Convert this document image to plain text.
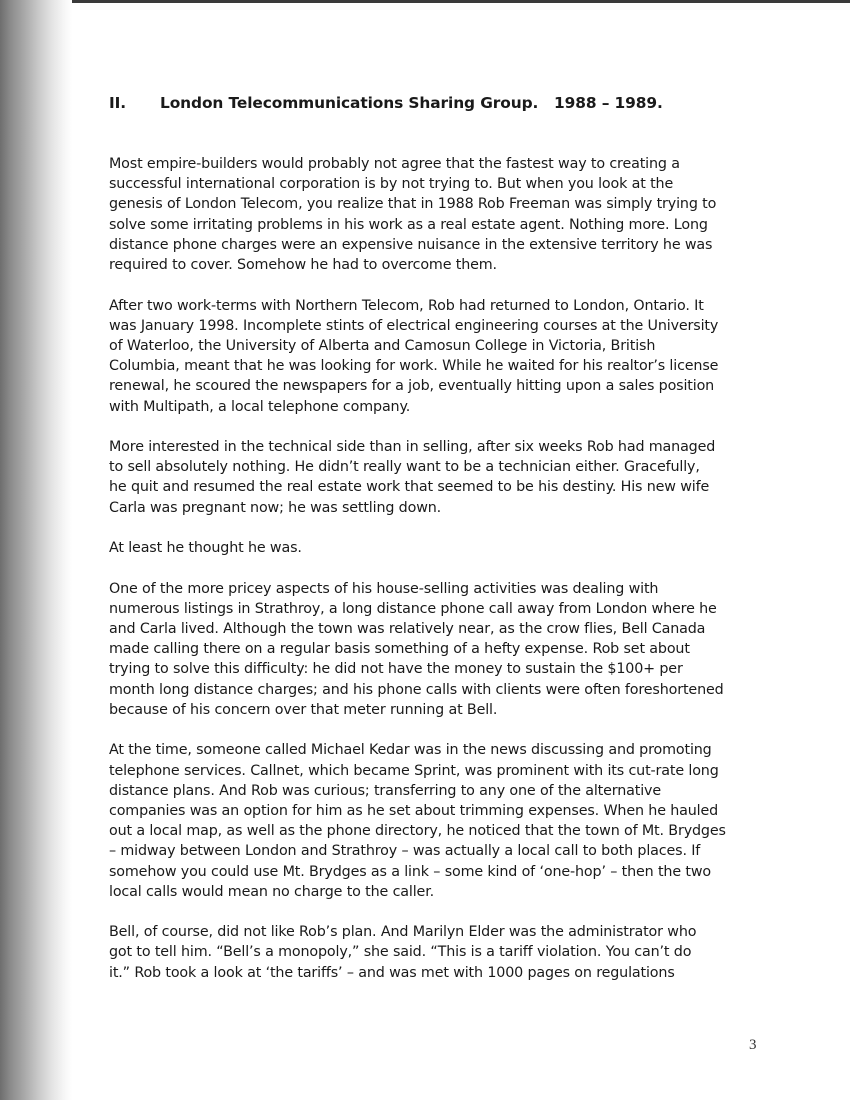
II. London Telecommunications Sharing Group.   1988 – 1989.

Most empire-builders would probably not agree that the fastest way to creating a
successful international corporation is by not trying to. But when you look at the
genesis of London Telecom, you realize that in 1988 Rob Freeman was simply trying to
solve some irritating problems in his work as a real estate agent. Nothing more. Long
distance phone charges were an expensive nuisance in the extensive territory he was
required to cover. Somehow he had to overcome them.

After two work-terms with Northern Telecom, Rob had returned to London, Ontario. It
was January 1998. Incomplete stints of electrical engineering courses at the University
of Waterloo, the University of Alberta and Camosun College in Victoria, British
Columbia, meant that he was looking for work. While he waited for his realtor’s license
renewal, he scoured the newspapers for a job, eventually hitting upon a sales position
with Multipath, a local telephone company.

More interested in the technical side than in selling, after six weeks Rob had managed
to sell absolutely nothing. He didn’t really want to be a technician either. Gracefully,
he quit and resumed the real estate work that seemed to be his destiny. His new wife
Carla was pregnant now; he was settling down.

At least he thought he was.

One of the more pricey aspects of his house-selling activities was dealing with
numerous listings in Strathroy, a long distance phone call away from London where he
and Carla lived. Although the town was relatively near, as the crow flies, Bell Canada
made calling there on a regular basis something of a hefty expense. Rob set about
trying to solve this difficulty: he did not have the money to sustain the $100+ per
month long distance charges; and his phone calls with clients were often foreshortened
because of his concern over that meter running at Bell.

At the time, someone called Michael Kedar was in the news discussing and promoting
telephone services. Callnet, which became Sprint, was prominent with its cut-rate long
distance plans. And Rob was curious; transferring to any one of the alternative
companies was an option for him as he set about trimming expenses. When he hauled
out a local map, as well as the phone directory, he noticed that the town of Mt. Brydges
– midway between London and Strathroy – was actually a local call to both places. If
somehow you could use Mt. Brydges as a link – some kind of ‘one-hop’ – then the two
local calls would mean no charge to the caller.

Bell, of course, did not like Rob’s plan. And Marilyn Elder was the administrator who
got to tell him. “Bell’s a monopoly,” she said. “This is a tariff violation. You can’t do
it.” Rob took a look at ‘the tariffs’ – and was met with 1000 pages on regulations

3
